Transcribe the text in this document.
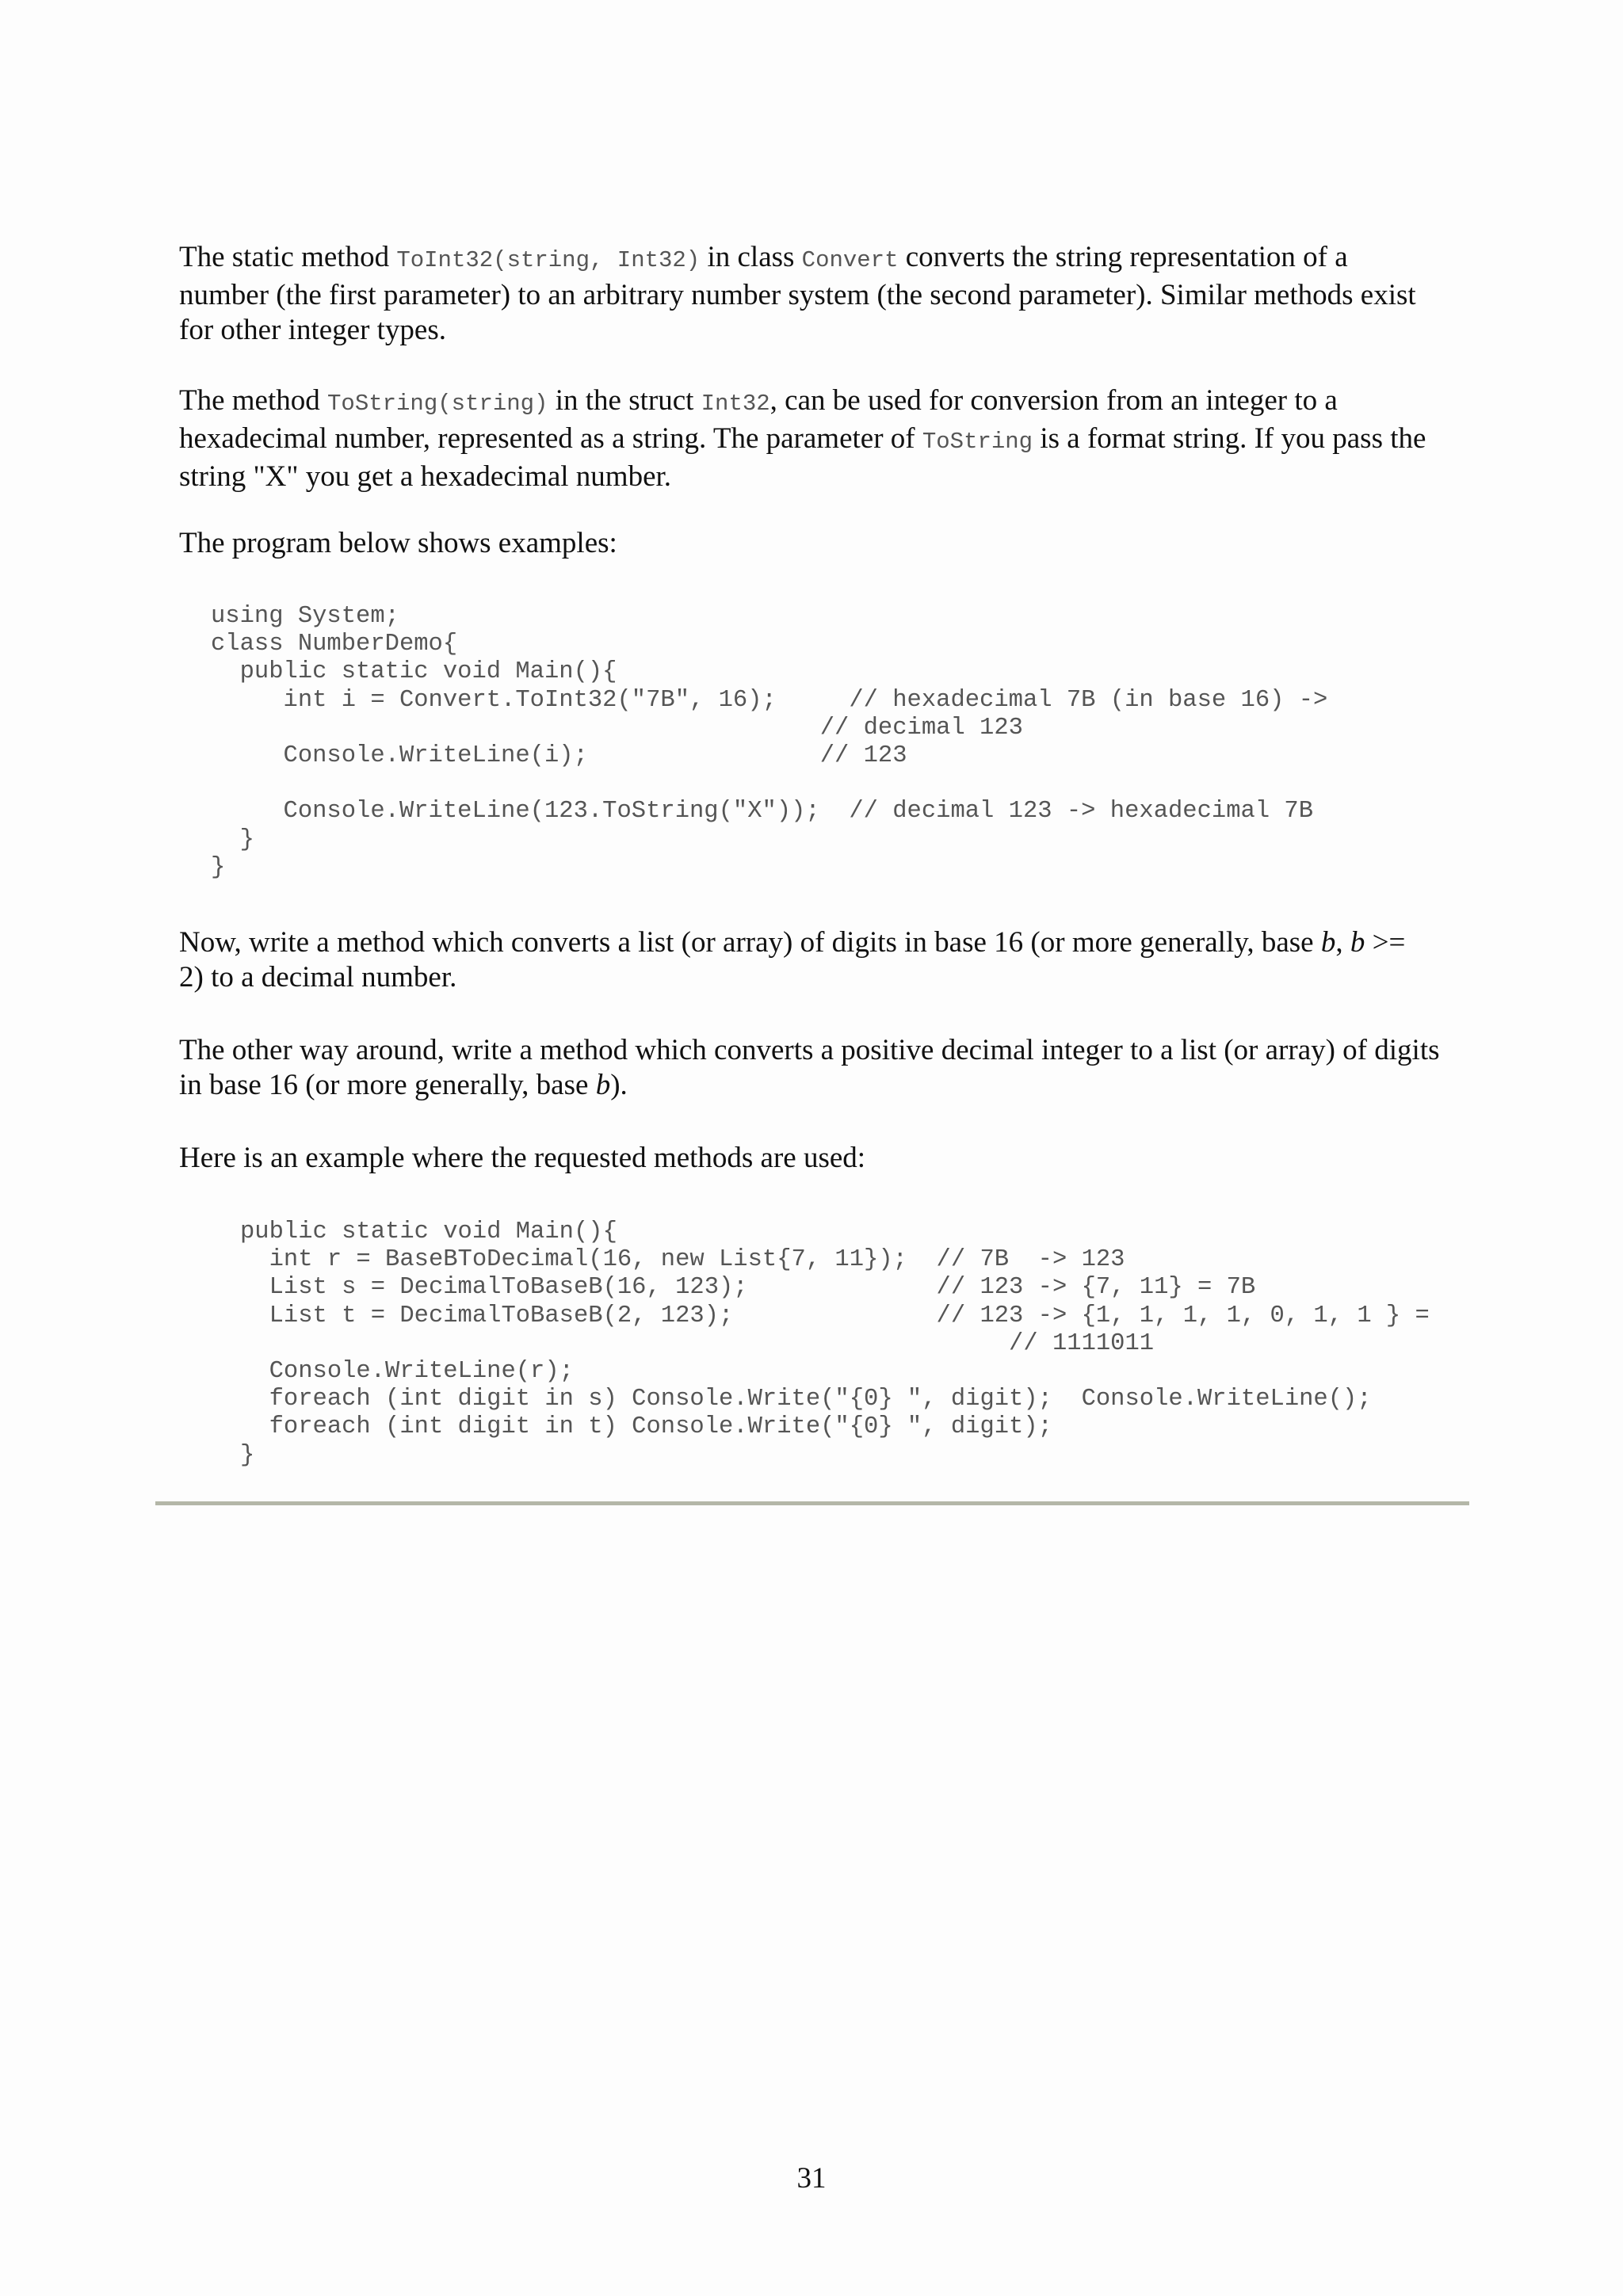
The static method ToInt32(string, Int32) in class Convert converts the string representation of a
number (the first parameter) to an arbitrary number system (the second parameter). Similar methods exist
for other integer types.

The method ToString(string) in the struct Int32, can be used for conversion from an integer to a
hexadecimal number, represented as a string. The parameter of ToString is a format string. If you pass the
string "X" you get a hexadecimal number.

The program below shows examples:

using System;
class NumberDemo{
public static void Main(){
int i = Convert.ToInt32("7B", 16);     // hexadecimal 7B (in base 16) ->
// decimal 123
Console.WriteLine(i);                // 123
Console.WriteLine(123.ToString("X"));  // decimal 123 -> hexadecimal 7B
}
}

Now, write a method which converts a list (or array) of digits in base 16 (or more generally, base b, b >=
2) to a decimal number.

The other way around, write a method which converts a positive decimal integer to a list (or array) of digits
in base 16 (or more generally, base b).

Here is an example where the requested methods are used:

public static void Main(){
int r = BaseBToDecimal(16, new List{7, 11});  // 7B  -> 123
List s = DecimalToBaseB(16, 123);             // 123 -> {7, 11} = 7B
List t = DecimalToBaseB(2, 123);              // 123 -> {1, 1, 1, 1, 0, 1, 1 } =
// 1111011
Console.WriteLine(r);
foreach (int digit in s) Console.Write("{0} ", digit);  Console.WriteLine();
foreach (int digit in t) Console.Write("{0} ", digit);
}
31
